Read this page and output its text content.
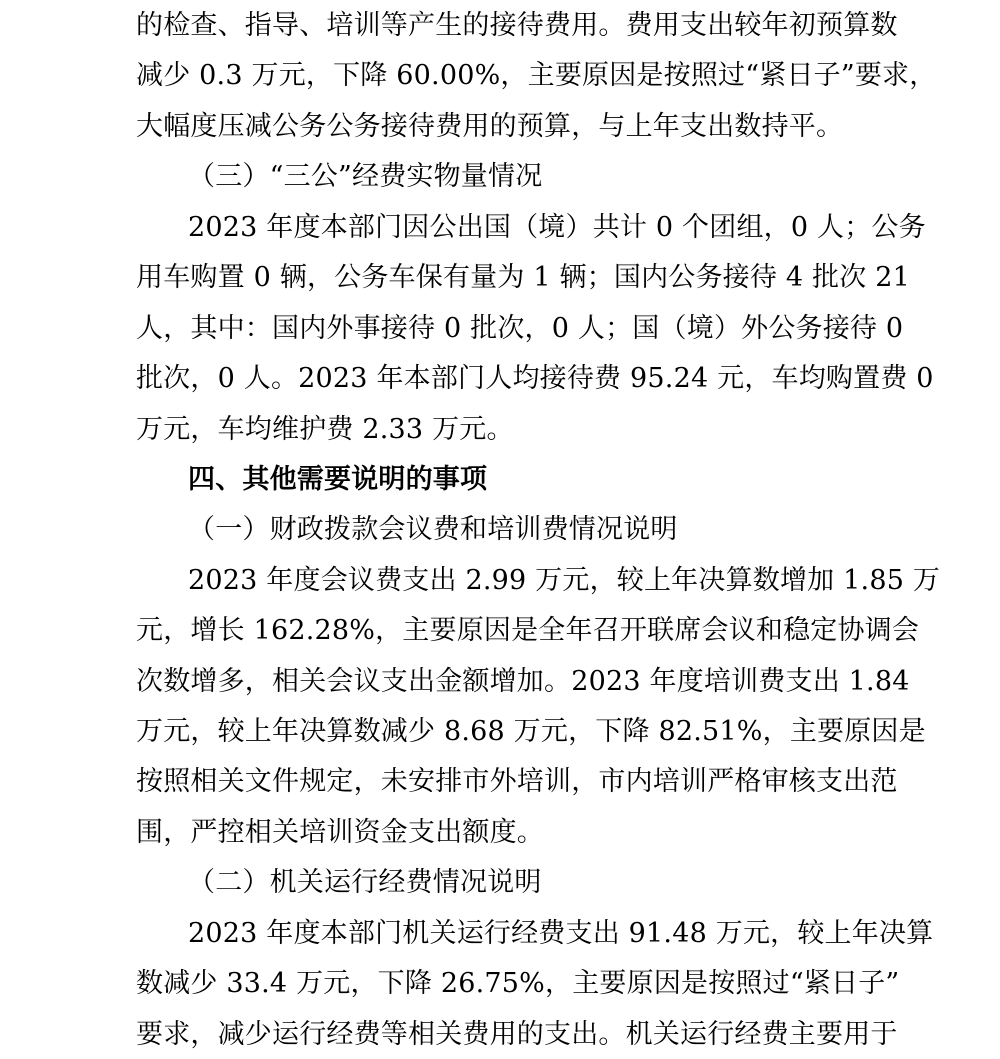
的检查、指导、培训等产生的接待费用。费用支出较年初预算数
减少 0.3 万元，下降 60.00%，主要原因是按照过“紧日子”要求，
大幅度压减公务公务接待费用的预算，与上年支出数持平。
（三）“三公”经费实物量情况
2023 年度本部门因公出国（境）共计 0 个团组，0 人；公务
用车购置 0 辆，公务车保有量为 1 辆；国内公务接待 4 批次 21
人，其中：国内外事接待 0 批次，0 人；国（境）外公务接待 0
批次，0 人。2023 年本部门人均接待费 95.24 元，车均购置费 0
万元，车均维护费 2.33 万元。
四、其他需要说明的事项
（一）财政拨款会议费和培训费情况说明
2023 年度会议费支出 2.99 万元，较上年决算数增加 1.85 万
元，增长 162.28%，主要原因是全年召开联席会议和稳定协调会
次数增多，相关会议支出金额增加。2023 年度培训费支出 1.84
万元，较上年决算数减少 8.68 万元，下降 82.51%，主要原因是
按照相关文件规定，未安排市外培训，市内培训严格审核支出范
围，严控相关培训资金支出额度。
（二）机关运行经费情况说明
2023 年度本部门机关运行经费支出 91.48 万元，较上年决算
数减少 33.4 万元，下降 26.75%，主要原因是按照过“紧日子”
要求，减少运行经费等相关费用的支出。机关运行经费主要用于
